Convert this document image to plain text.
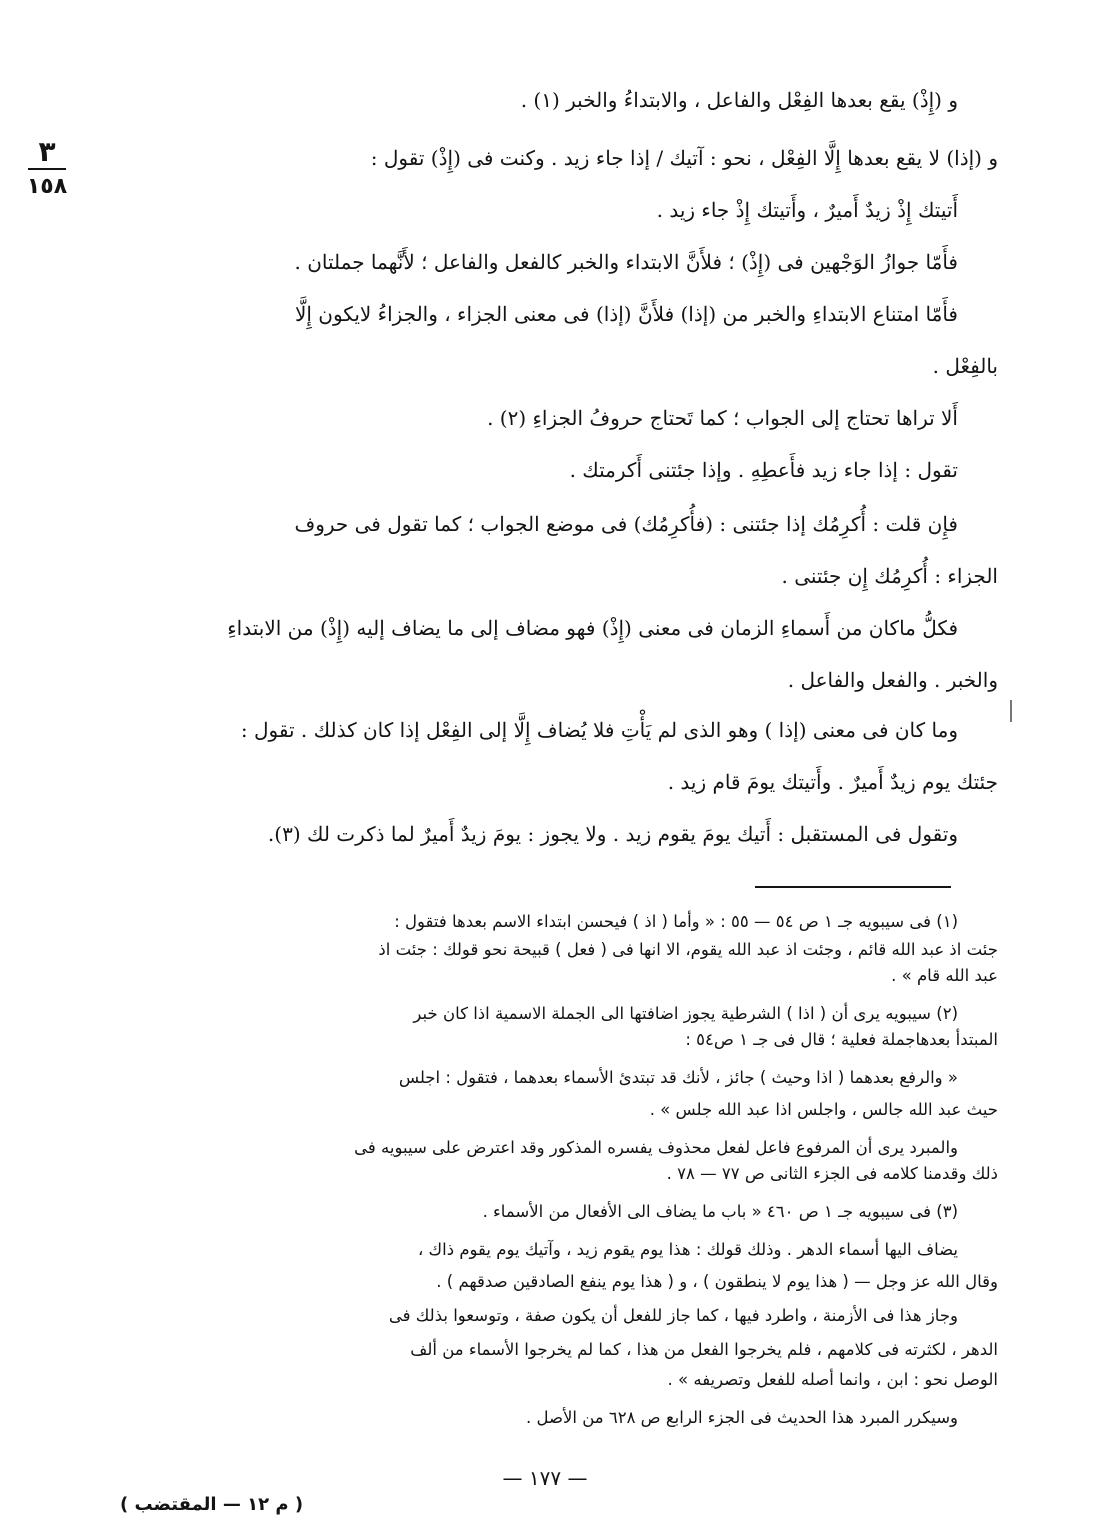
٣
١٥٨
و (إِذْ) يقع بعدها الفِعْل والفاعل ، والابتداءُ والخبر (١) .
و (إذا) لا يقع بعدها إِلَّا الفِعْل ، نحو : آتيك / إذا جاء زيد . وكنت فى (إِذْ) تقول :
أَتيتك إِذْ زيدٌ أَميرٌ ، وأَتيتك إِذْ جاء زيد .
فأَمّا جوازُ الوَجْهين فى (إِذْ) ؛ فلأَنَّ الابتداء والخبر كالفعل والفاعل ؛ لأَنَّهما جملتان .
فأَمّا امتناع الابتداءِ والخبر من (إذا) فلأَنَّ (إذا) فى معنى الجزاء ، والجزاءُ لايكون إِلَّا
بالفِعْل .
أَلا تراها تحتاج إلى الجواب ؛ كما تَحتاج حروفُ الجزاءِ (٢) .
تقول : إذا جاء زيد فأَعطِهِ . وإذا جئتنى أَكرمتك .
فإِن قلت : أُكرِمُك إذا جئتنى : (فأُكرِمُك) فى موضع الجواب ؛ كما تقول فى حروف
الجزاء : أُكرِمُك إِن جئتنى .
فكلُّ ماكان من أَسماءِ الزمان فى معنى (إِذْ) فهو مضاف إلى ما يضاف إليه (إِذْ) من الابتداءِ
والخبر . والفعل والفاعل .
وما كان فى معنى (إذا ) وهو الذى لم يَأْتِ فلا يُضاف إِلَّا إلى الفِعْل إذا كان كذلك . تقول :
جئتك يوم زيدٌ أَميرٌ . وأَتيتك يومَ قام زيد .
وتقول فى المستقبل : أَتيك يومَ يقوم زيد . ولا يجوز : يومَ زيدٌ أَميرٌ لما ذكرت لك (٣).
(١) فى سيبويه جـ ١ ص ٥٤ — ٥٥ : « وأما ( اذ ) فيحسن ابتداء الاسم بعدها فتقول :
جئت اذ عبد الله قائم ، وجئت اذ عبد الله يقوم، الا انها فى ( فعل ) قبيحة نحو قولك : جئت اذ
عبد الله قام » .
(٢) سيبويه يرى أن ( اذا ) الشرطية يجوز اضافتها الى الجملة الاسمية اذا كان خبر
المبتدأ بعدهاجملة فعلية ؛ قال فى جـ ١ ص٥٤ :
« والرفع بعدهما ( اذا وحيث ) جائز ، لأنك قد تبتدئ الأسماء بعدهما ، فتقول : اجلس
حيث عبد الله جالس ، واجلس اذا عبد الله جلس » .
والمبرد يرى أن المرفوع فاعل لفعل محذوف يفسره المذكور وقد اعترض على سيبويه فى
ذلك وقدمنا كلامه فى الجزء الثانى ص ٧٧ — ٧٨ .
(٣) فى سيبويه جـ ١ ص ٤٦٠ « باب ما يضاف الى الأفعال من الأسماء .
يضاف اليها أسماء الدهر . وذلك قولك : هذا يوم يقوم زيد ، وآتيك يوم يقوم ذاك ،
وقال الله عز وجل — ( هذا يوم لا ينطقون ) ، و ( هذا يوم ينفع الصادقين صدقهم ) .
وجاز هذا فى الأزمنة ، واطرد فيها ، كما جاز للفعل أن يكون صفة ، وتوسعوا بذلك فى
الدهر ، لكثرته فى كلامهم ، فلم يخرجوا الفعل من هذا ، كما لم يخرجوا الأسماء من ألف
الوصل نحو : ابن ، وانما أصله للفعل وتصريفه » .
وسيكرر المبرد هذا الحديث فى الجزء الرابع ص ٦٢٨ من الأصل .
— ١٧٧ —
( م ١٢ — المقتضب )
